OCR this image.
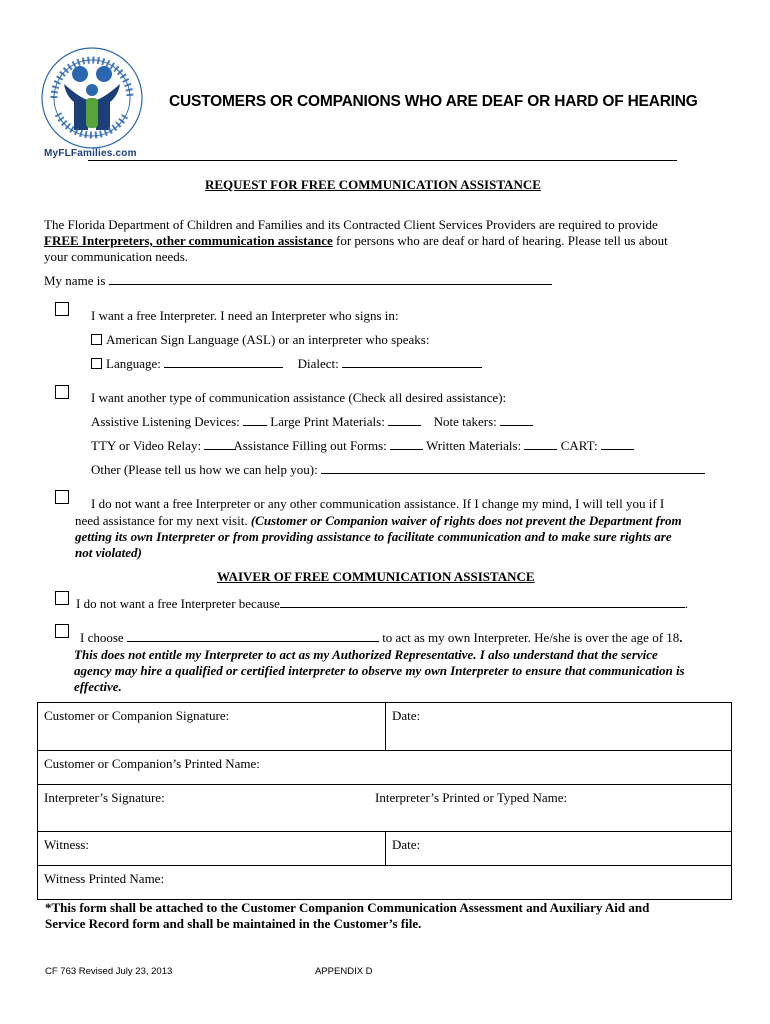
MyFLFamilies.com
CUSTOMERS OR COMPANIONS WHO ARE DEAF OR HARD OF HEARING
REQUEST FOR FREE COMMUNICATION ASSISTANCE
The Florida Department of Children and Families and its Contracted Client Services Providers are required to provide
FREE Interpreters, other communication assistance for persons who are deaf or hard of hearing. Please tell us about
your communication needs.
My name is
I want a free Interpreter. I need an Interpreter who signs in:
American Sign Language (ASL) or an interpreter who speaks:
Language:	Dialect:
I want another type of communication assistance (Check all desired assistance):
Assistive Listening Devices: Large Print Materials:	Note takers:
TTY or Video Relay: Assistance Filling out Forms:	Written Materials:	CART:
Other (Please tell us how we can help you):
I do not want a free Interpreter or any other communication assistance. If I change my mind, I will tell you if I
need assistance for my next visit. (Customer or Companion waiver of rights does not prevent the Department from
getting its own Interpreter or from providing assistance to facilitate communication and to make sure rights are
not violated)
WAIVER OF FREE COMMUNICATION ASSISTANCE
I do not want a free Interpreter because	.
I choose	to act as my own Interpreter. He/she is over the age of 18.
This does not entitle my Interpreter to act as my Authorized Representative. I also understand that the service
agency may hire a qualified or certified interpreter to observe my own Interpreter to ensure that communication is
effective.
Customer or Companion Signature:	Date:
Customer or Companion’s Printed Name:	
Interpreter’s Signature: Interpreter’s Printed or Typed Name:	

Witness:	Date:
Witness Printed Name:	
*This form shall be attached to the Customer Companion Communication Assessment and Auxiliary Aid and
Service Record form and shall be maintained in the Customer’s file.
CF 763 Revised July 23, 2013	APPENDIX D
